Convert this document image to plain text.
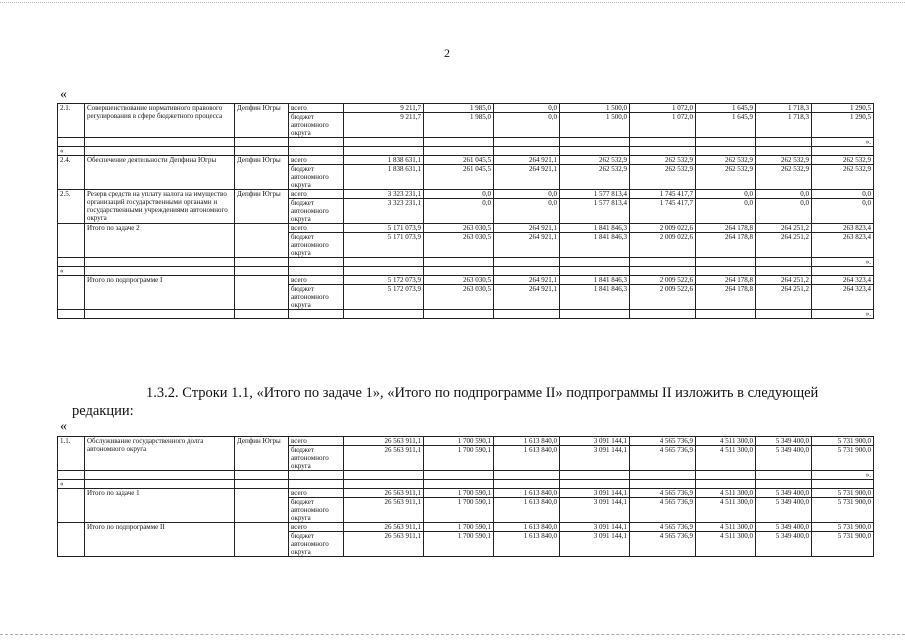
2
«
2.1.	Совершенствование нормативного правового регулирования в сфере бюджетного процесса	Депфин Югры	всего	9 211,7	1 985,0	0,0	1 500,0	1 072,0	1 645,9	1 718,3	1 290,5
			бюджет автономного округа	9 211,7	1 985,0	0,0	1 500,0	1 072,0	1 645,9	1 718,3	1 290,5
											».
«											
2.4.	Обеспечение деятельности Депфина Югры	Депфин Югры	всего	1 838 631,1	261 045,5	264 921,1	262 532,9	262 532,9	262 532,9	262 532,9	262 532,9
			бюджет автономного округа	1 838 631,1	261 045,5	264 921,1	262 532,9	262 532,9	262 532,9	262 532,9	262 532,9
2.5.	Резерв средств на уплату налога на имущество организаций государственными органами и государственными учреждениями автономного округа	Депфин Югры	всего	3 323 231,1	0,0	0,0	1 577 813,4	1 745 417,7	0,0	0,0	0,0
			бюджет автономного округа	3 323 231,1	0,0	0,0	1 577 813,4	1 745 417,7	0,0	0,0	0,0
	Итого по задаче 2		всего	5 171 073,9	263 030,5	264 921,1	1 841 846,3	2 009 022,6	264 178,8	264 251,2	263 823,4
			бюджет автономного округа	5 171 073,9	263 030,5	264 921,1	1 841 846,3	2 009 022,6	264 178,8	264 251,2	263 823,4
											».
«											
	Итого по подпрограмме I		всего	5 172 073,9	263 030,5	264 921,1	1 841 846,3	2 009 522,6	264 178,8	264 251,2	264 323,4
			бюджет автономного округа	5 172 073,9	263 030,5	264 921,1	1 841 846,3	2 009 522,6	264 178,8	264 251,2	264 323,4
											».

1.3.2. Строки 1.1, «Итого по задаче 1», «Итого по подпрограмме II» подпрограммы II изложить в следующей

редакции:
«
1.1.	Обслуживание государственного долга автономного округа	Депфин Югры	всего	26 563 911,1	1 700 590,1	1 613 840,0	3 091 144,1	4 565 736,9	4 511 300,0	5 349 400,0	5 731 900,0
			бюджет автономного округа	26 563 911,1	1 700 590,1	1 613 840,0	3 091 144,1	4 565 736,9	4 511 300,0	5 349 400,0	5 731 900,0
											».
«											
	Итого по задаче 1		всего	26 563 911,1	1 700 590,1	1 613 840,0	3 091 144,1	4 565 736,9	4 511 300,0	5 349 400,0	5 731 900,0
			бюджет автономного округа	26 563 911,1	1 700 590,1	1 613 840,0	3 091 144,1	4 565 736,9	4 511 300,0	5 349 400,0	5 731 900,0
	Итого по подпрограмме II		всего	26 563 911,1	1 700 590,1	1 613 840,0	3 091 144,1	4 565 736,9	4 511 300,0	5 349 400,0	5 731 900,0
			бюджет автономного округа	26 563 911,1	1 700 590,1	1 613 840,0	3 091 144,1	4 565 736,9	4 511 300,0	5 349 400,0	5 731 900,0
